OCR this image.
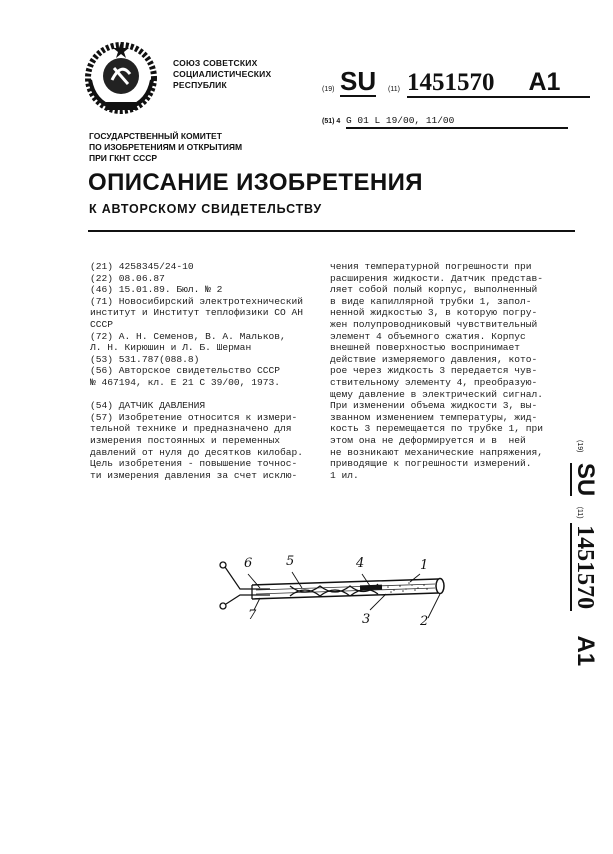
СОЮЗ СОВЕТСКИХ
СОЦИАЛИСТИЧЕСКИХ
РЕСПУБЛИК	(19) SU (11) 1451570 A1
(51) 4 G 01 L 19/00, 11/00
ГОСУДАРСТВЕННЫЙ КОМИТЕТ
ПО ИЗОБРЕТЕНИЯМ И ОТКРЫТИЯМ
ПРИ ГКНТ СССР
ОПИСАНИЕ ИЗОБРЕТЕНИЯ
К АВТОРСКОМУ СВИДЕТЕЛЬСТВУ
(21) 4258345/24-10
(22) 08.06.87
(46) 15.01.89. Бюл. № 2
(71) Новосибирский электротехнический
институт и Институт теплофизики СО АН
СССР
(72) А. Н. Семенов, В. А. Мальков,
Л. Н. Кирюшин и Л. Б. Шерман
(53) 531.787(088.8)
(56) Авторское свидетельство СССР
№ 467194, кл. E 21 C 39/00, 1973.

(54) ДАТЧИК ДАВЛЕНИЯ
(57) Изобретение относится к измери-
тельной технике и предназначено для
измерения постоянных и переменных
давлений от нуля до десятков килобар.
Цель изобретения - повышение точнос-
ти измерения давления за счет исклю-
чения температурной погрешности при
расширения жидкости. Датчик представ-
ляет собой полый корпус, выполненный
в виде капиллярной трубки 1, запол-
ненной жидкостью 3, в которую погру-
жен полупроводниковый чувствительный
элемент 4 объемного сжатия. Корпус
внешней поверхностью воспринимает
действие измеряемого давления, кото-
рое через жидкость 3 передается чув-
ствительному элементу 4, преобразую-
щему давление в электрический сигнал.
При изменении объема жидкости 3, вы-
званном изменением температуры, жид-
кость 3 перемещается по трубке 1, при
этом она не деформируется и в  ней
не возникают механические напряжения,
приводящие к погрешности измерений.
1 ил.
(19) SU (11) 1451570 A1
6	5	4	1
7	3	2
